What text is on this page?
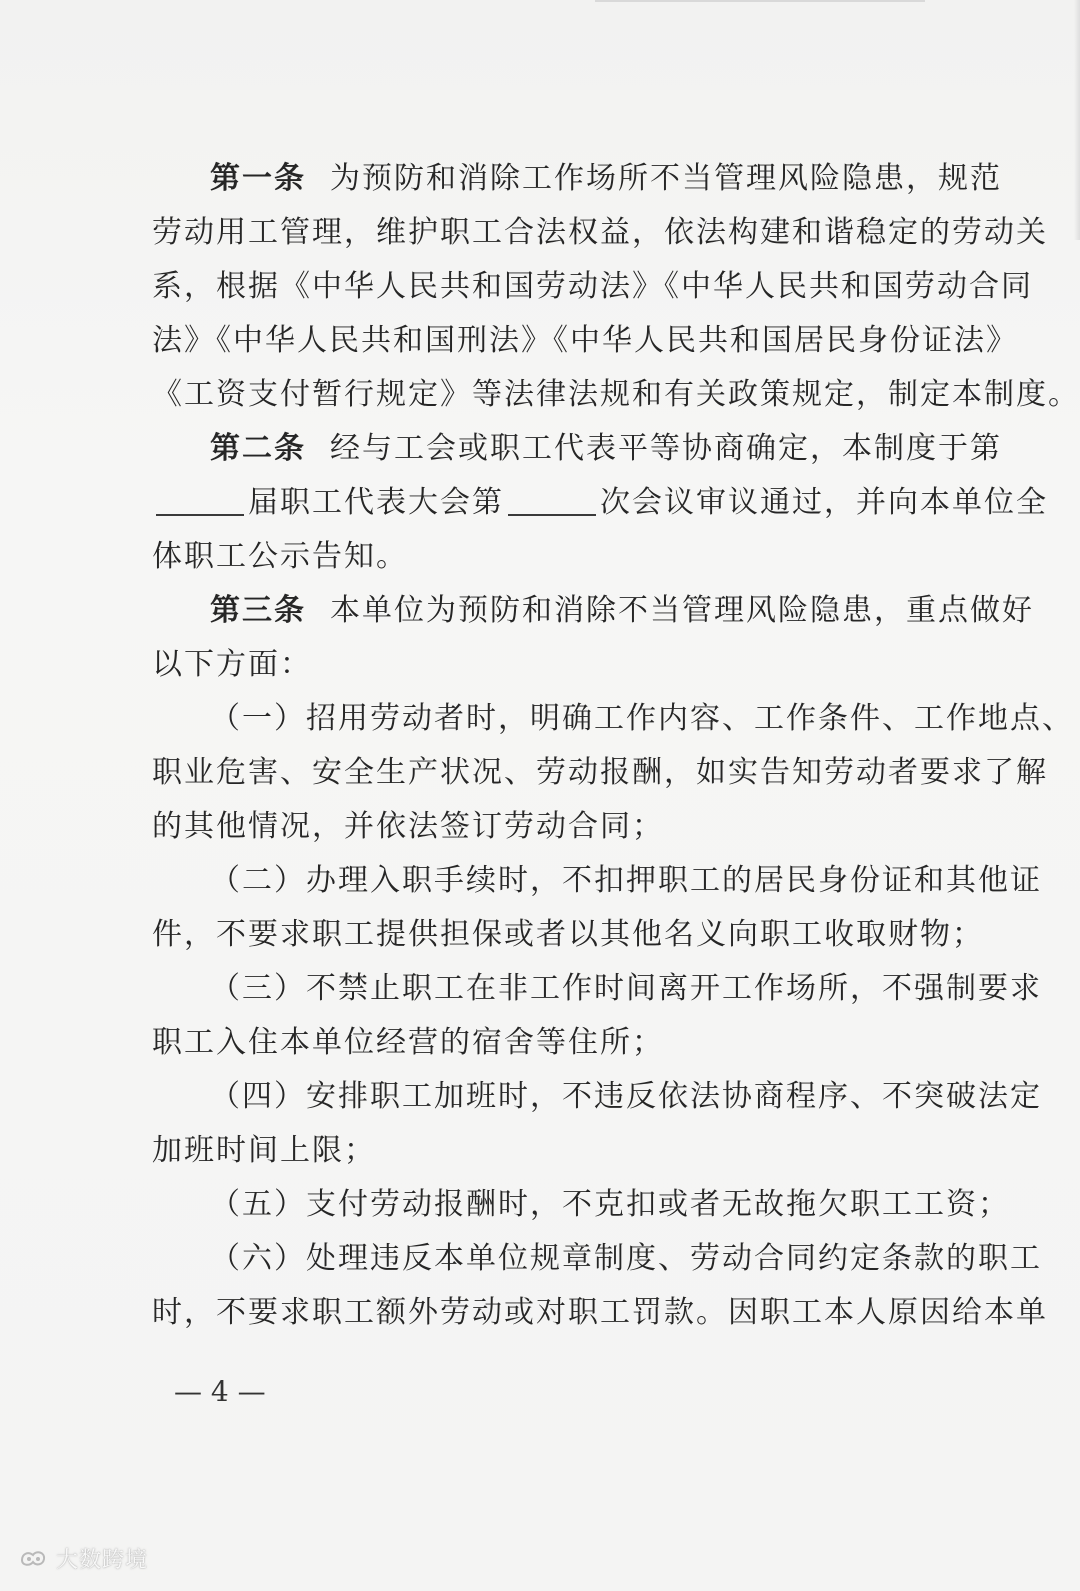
第一条 为预防和消除工作场所不当管理风险隐患，规范
劳动用工管理，维护职工合法权益，依法构建和谐稳定的劳动关
系，根据《中华人民共和国劳动法》《中华人民共和国劳动合同
法》《中华人民共和国刑法》《中华人民共和国居民身份证法》
《工资支付暂行规定》等法律法规和有关政策规定，制定本制度。
第二条 经与工会或职工代表平等协商确定，本制度于第
届职工代表大会第	次会议审议通过，并向本单位全
体职工公示告知。
第三条 本单位为预防和消除不当管理风险隐患，重点做好
以下方面：
（一）招用劳动者时，明确工作内容、工作条件、工作地点、
职业危害、安全生产状况、劳动报酬，如实告知劳动者要求了解
的其他情况，并依法签订劳动合同；
（二）办理入职手续时，不扣押职工的居民身份证和其他证
件，不要求职工提供担保或者以其他名义向职工收取财物；
（三）不禁止职工在非工作时间离开工作场所，不强制要求
职工入住本单位经营的宿舍等住所；
（四）安排职工加班时，不违反依法协商程序、不突破法定
加班时间上限；
（五）支付劳动报酬时，不克扣或者无故拖欠职工工资；
（六）处理违反本单位规章制度、劳动合同约定条款的职工
时，不要求职工额外劳动或对职工罚款。因职工本人原因给本单
— 4 —
大数跨境
